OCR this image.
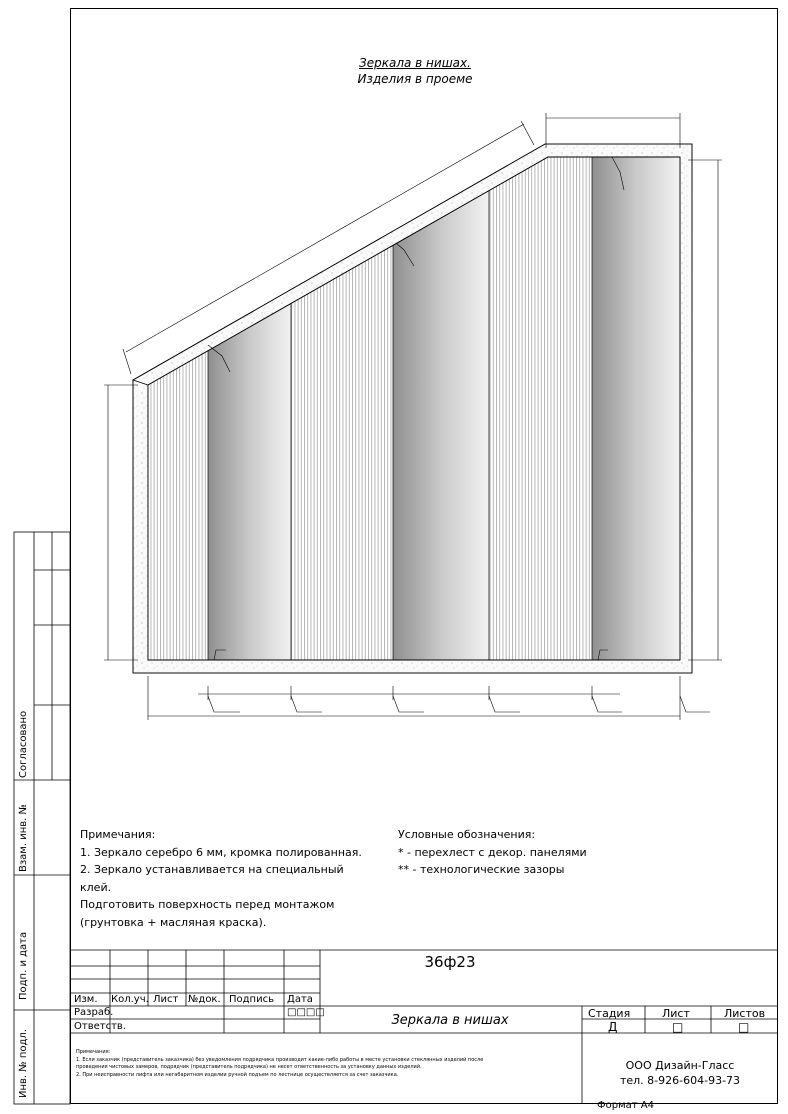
Зеркала в нишах.
Изделия в проеме
Примечания:
1. Зеркало серебро 6 мм, кромка полированная.
2. Зеркало устанавливается на специальный
клей.
Подготовить поверхность перед монтажом
(грунтовка + масляная краска).
Условные обозначения:
* - перехлест с декор. панелями
** - технологические зазоры
Согласовано
Взам. инв. №
Подп. и дата
Инв. № подл.
Изм. Кол.уч. Лист №док. Подпись Дата
Разраб.
Ответств.
□□□□
36ф23
Зеркала в нишах	Стадия	Лист	Листов
Д	□	□
Примечания:
1. Если заказчик (представитель заказчика) без уведомления подрядчика производит какие-либо работы в месте установки стеклянных изделий после
проведения чистовых замеров, подрядчик (представитель подрядчика) не несет ответственность за установку данных изделий.
2. При неисправности лифта или негабаритном изделии ручной подъем по лестнице осуществляется за счет заказчика.
ООО Дизайн-Гласс
тел. 8-926-604-93-73
Формат А4
